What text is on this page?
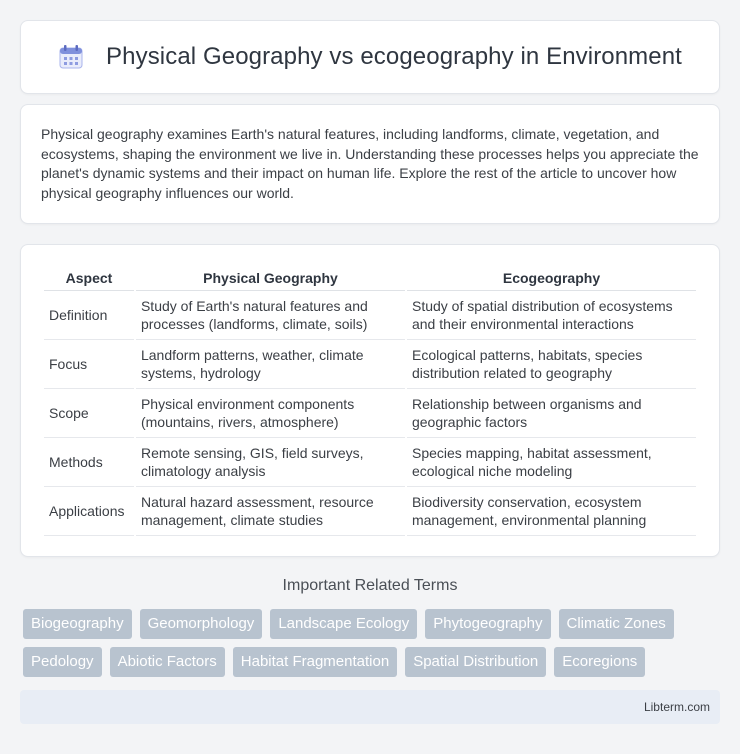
Physical Geography vs ecogeography in Environment

Physical geography examines Earth's natural features, including landforms, climate, vegetation, and ecosystems, shaping the environment we live in. Understanding these processes helps you appreciate the planet's dynamic systems and their impact on human life. Explore the rest of the article to uncover how physical geography influences our world.

Aspect	Physical Geography	Ecogeography
Definition	Study of Earth's natural features and processes (landforms, climate, soils)	Study of spatial distribution of ecosystems and their environmental interactions
Focus	Landform patterns, weather, climate systems, hydrology	Ecological patterns, habitats, species distribution related to geography
Scope	Physical environment components (mountains, rivers, atmosphere)	Relationship between organisms and geographic factors
Methods	Remote sensing, GIS, field surveys, climatology analysis	Species mapping, habitat assessment, ecological niche modeling
Applications	Natural hazard assessment, resource management, climate studies	Biodiversity conservation, ecosystem management, environmental planning
Important Related Terms
Biogeography	Geomorphology	Landscape Ecology	Phytogeography	Climatic Zones
Pedology	Abiotic Factors	Habitat Fragmentation	Spatial Distribution	Ecoregions
Libterm.com
